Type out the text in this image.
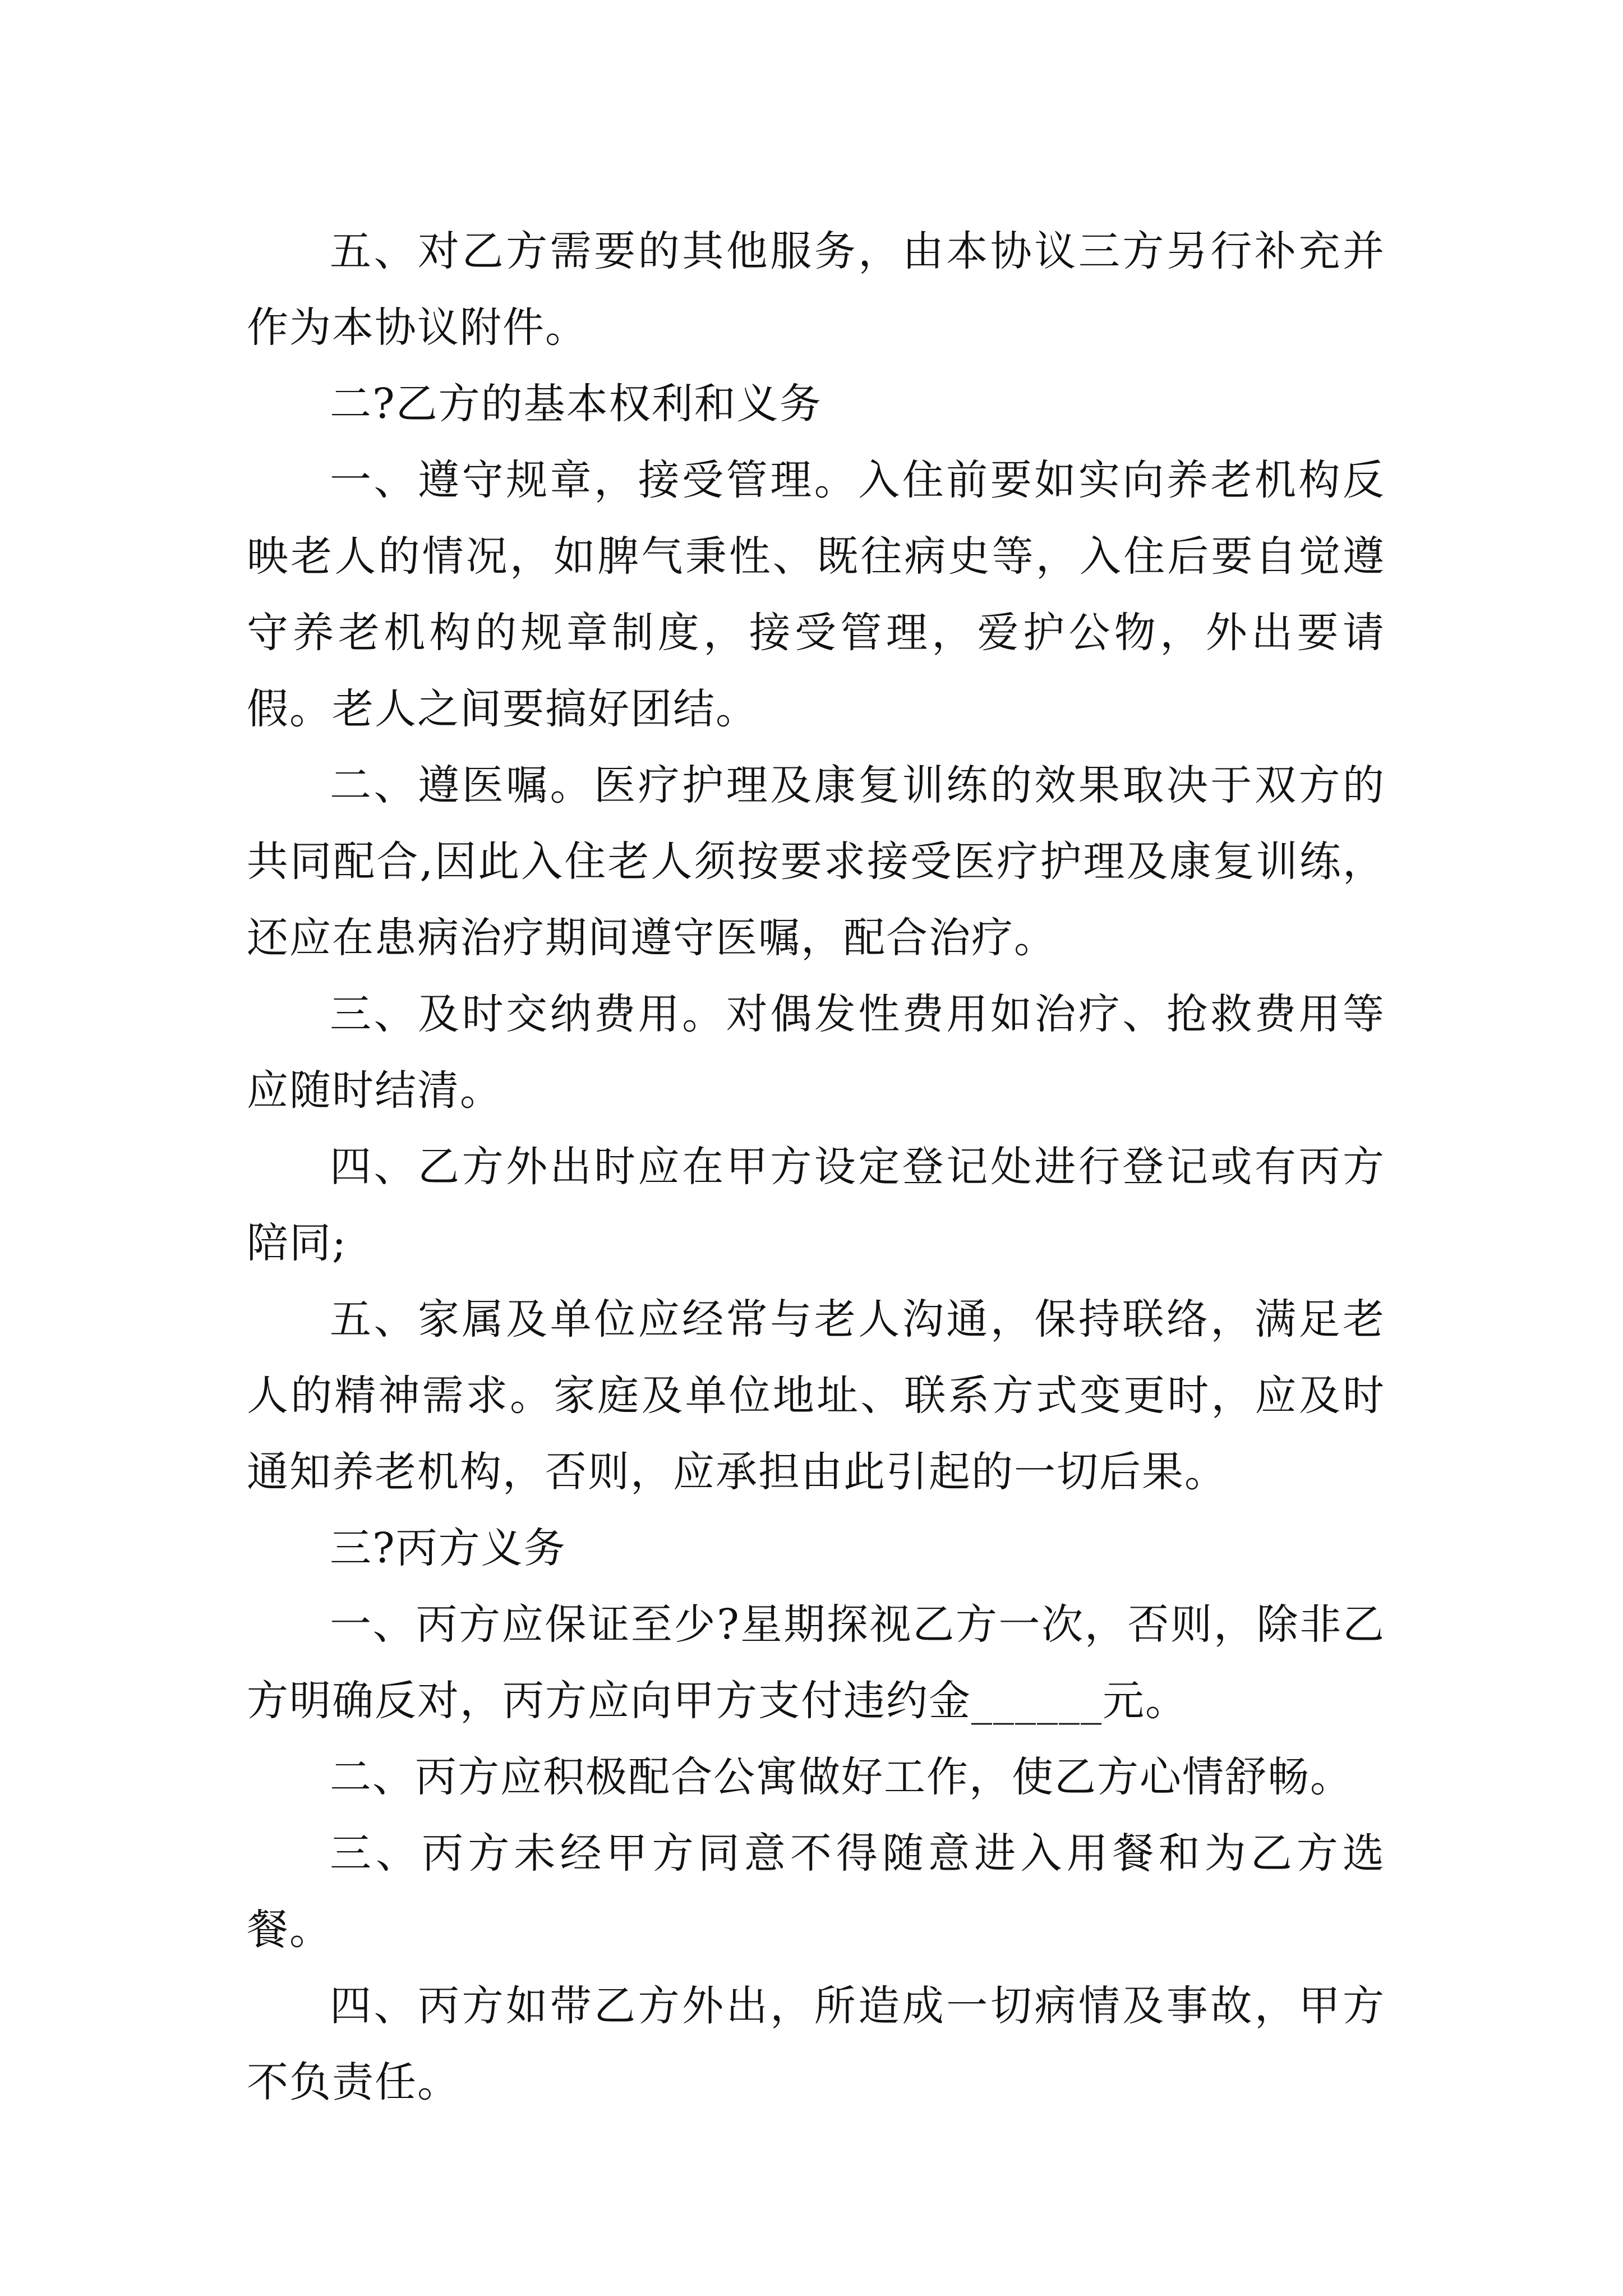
五、对乙方需要的其他服务，由本协议三方另行补充并作为本协议附件。

二?乙方的基本权利和义务

一、遵守规章，接受管理。入住前要如实向养老机构反映老人的情况，如脾气秉性、既往病史等，入住后要自觉遵守养老机构的规章制度，接受管理，爱护公物，外出要请假。老人之间要搞好团结。

二、遵医嘱。医疗护理及康复训练的效果取决于双方的共同配合,因此入住老人须按要求接受医疗护理及康复训练，还应在患病治疗期间遵守医嘱，配合治疗。

三、及时交纳费用。对偶发性费用如治疗、抢救费用等应随时结清。

四、乙方外出时应在甲方设定登记处进行登记或有丙方陪同;

五、家属及单位应经常与老人沟通，保持联络，满足老人的精神需求。家庭及单位地址、联系方式变更时，应及时通知养老机构，否则，应承担由此引起的一切后果。

三?丙方义务

一、丙方应保证至少?星期探视乙方一次，否则，除非乙方明确反对，丙方应向甲方支付违约金______元。

二、丙方应积极配合公寓做好工作，使乙方心情舒畅。

三、丙方未经甲方同意不得随意进入用餐和为乙方选餐。

四、丙方如带乙方外出，所造成一切病情及事故，甲方不负责任。
